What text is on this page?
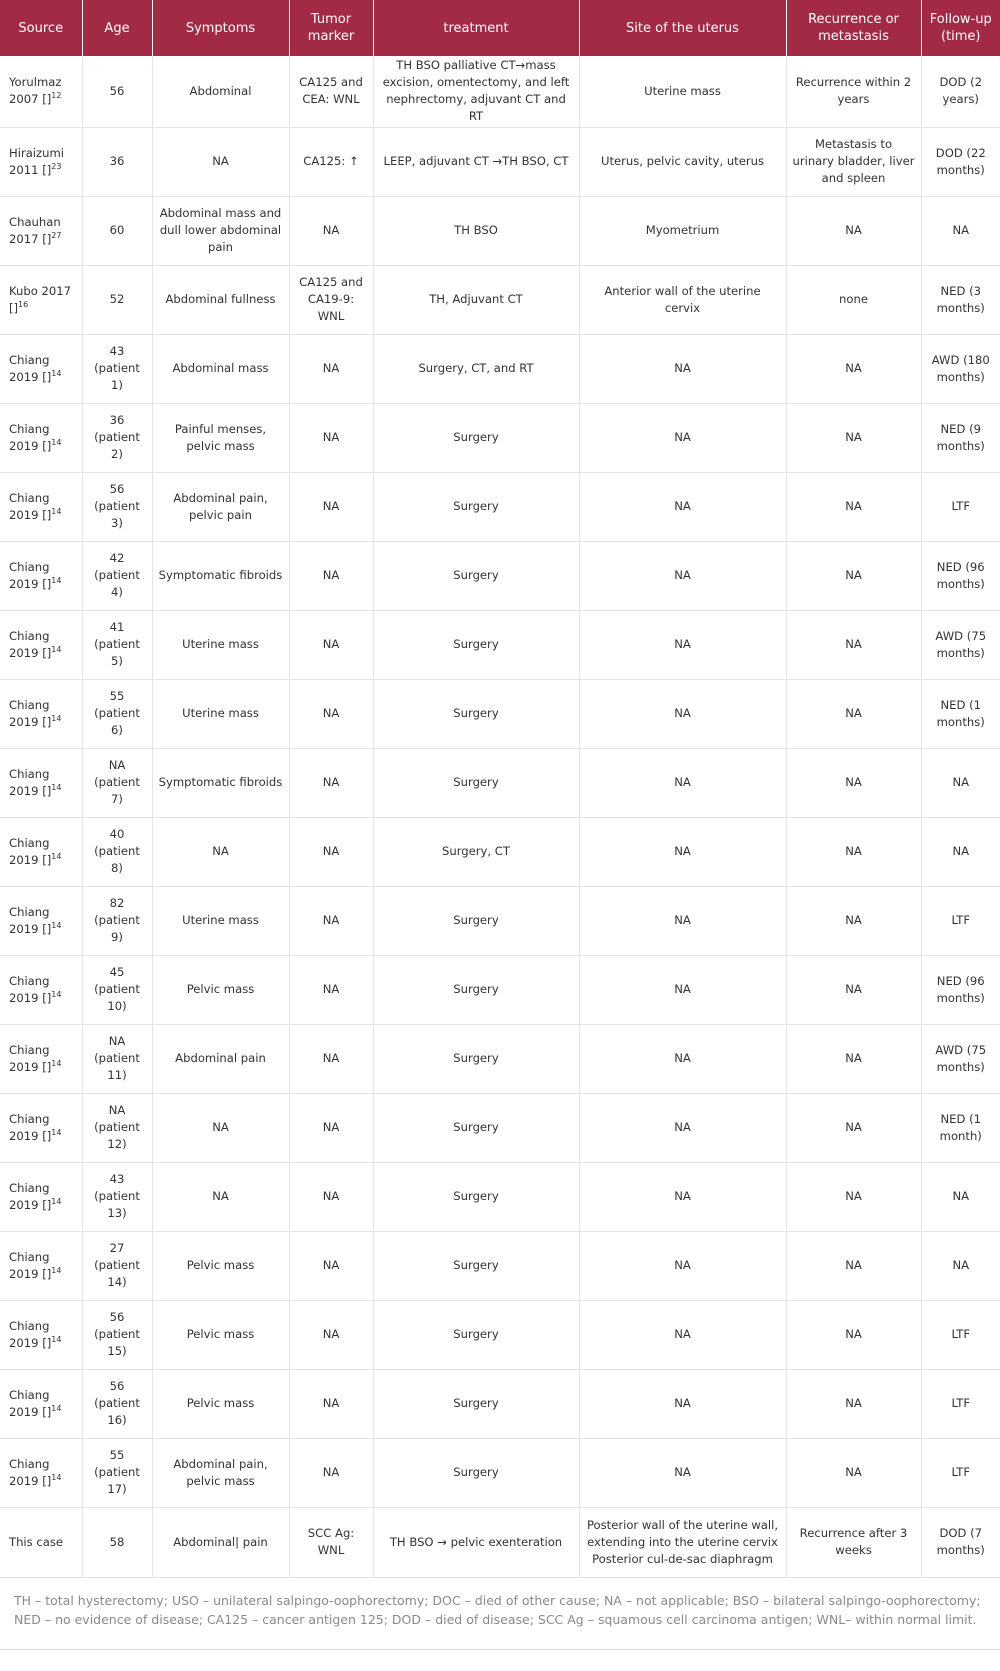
Source	Age	Symptoms	Tumor marker	treatment	Site of the uterus	Recurrence or metastasis	Follow-up (time)
Yorulmaz 2007 []$^{12}$	56	Abdominal	CA125 and CEA: WNL	TH BSO palliative CT→mass excision, omentectomy, and left nephrectomy, adjuvant CT and RT	Uterine mass	Recurrence within 2 years	DOD (2 years)
Hiraizumi 2011 []$^{23}$	36	NA	CA125: ↑	LEEP, adjuvant CT →TH BSO, CT	Uterus, pelvic cavity, uterus	Metastasis to urinary bladder, liver and spleen	DOD (22 months)
Chauhan 2017 []$^{27}$	60	Abdominal mass and dull lower abdominal pain	NA	TH BSO	Myometrium	NA	NA
Kubo 2017 []$^{16}$	52	Abdominal fullness	CA125 and CA19-9: WNL	TH, Adjuvant CT	Anterior wall of the uterine cervix	none	NED (3 months)
Chiang 2019 []$^{14}$	43 (patient 1)	Abdominal mass	NA	Surgery, CT, and RT	NA	NA	AWD (180 months)
Chiang 2019 []$^{14}$	36 (patient 2)	Painful menses, pelvic mass	NA	Surgery	NA	NA	NED (9 months)
Chiang 2019 []$^{14}$	56 (patient 3)	Abdominal pain, pelvic pain	NA	Surgery	NA	NA	LTF
Chiang 2019 []$^{14}$	42 (patient 4)	Symptomatic fibroids	NA	Surgery	NA	NA	NED (96 months)
Chiang 2019 []$^{14}$	41 (patient 5)	Uterine mass	NA	Surgery	NA	NA	AWD (75 months)
Chiang 2019 []$^{14}$	55 (patient 6)	Uterine mass	NA	Surgery	NA	NA	NED (1 months)
Chiang 2019 []$^{14}$	NA (patient 7)	Symptomatic fibroids	NA	Surgery	NA	NA	NA
Chiang 2019 []$^{14}$	40 (patient 8)	NA	NA	Surgery, CT	NA	NA	NA
Chiang 2019 []$^{14}$	82 (patient 9)	Uterine mass	NA	Surgery	NA	NA	LTF
Chiang 2019 []$^{14}$	45 (patient 10)	Pelvic mass	NA	Surgery	NA	NA	NED (96 months)
Chiang 2019 []$^{14}$	NA (patient 11)	Abdominal pain	NA	Surgery	NA	NA	AWD (75 months)
Chiang 2019 []$^{14}$	NA (patient 12)	NA	NA	Surgery	NA	NA	NED (1 month)
Chiang 2019 []$^{14}$	43 (patient 13)	NA	NA	Surgery	NA	NA	NA
Chiang 2019 []$^{14}$	27 (patient 14)	Pelvic mass	NA	Surgery	NA	NA	NA
Chiang 2019 []$^{14}$	56 (patient 15)	Pelvic mass	NA	Surgery	NA	NA	LTF
Chiang 2019 []$^{14}$	56 (patient 16)	Pelvic mass	NA	Surgery	NA	NA	LTF
Chiang 2019 []$^{14}$	55 (patient 17)	Abdominal pain, pelvic mass	NA	Surgery	NA	NA	LTF
This case	58	Abdominal| pain	SCC Ag: WNL	TH BSO → pelvic exenteration	Posterior wall of the uterine wall, extending into the uterine cervix Posterior cul-de-sac diaphragm	Recurrence after 3 weeks	DOD (7 months)
TH – total hysterectomy; USO – unilateral salpingo-oophorectomy; DOC – died of other cause; NA – not applicable; BSO – bilateral salpingo-oophorectomy; NED – no evidence of disease; CA125 – cancer antigen 125; DOD – died of disease; SCC Ag – squamous cell carcinoma antigen; WNL– within normal limit.
